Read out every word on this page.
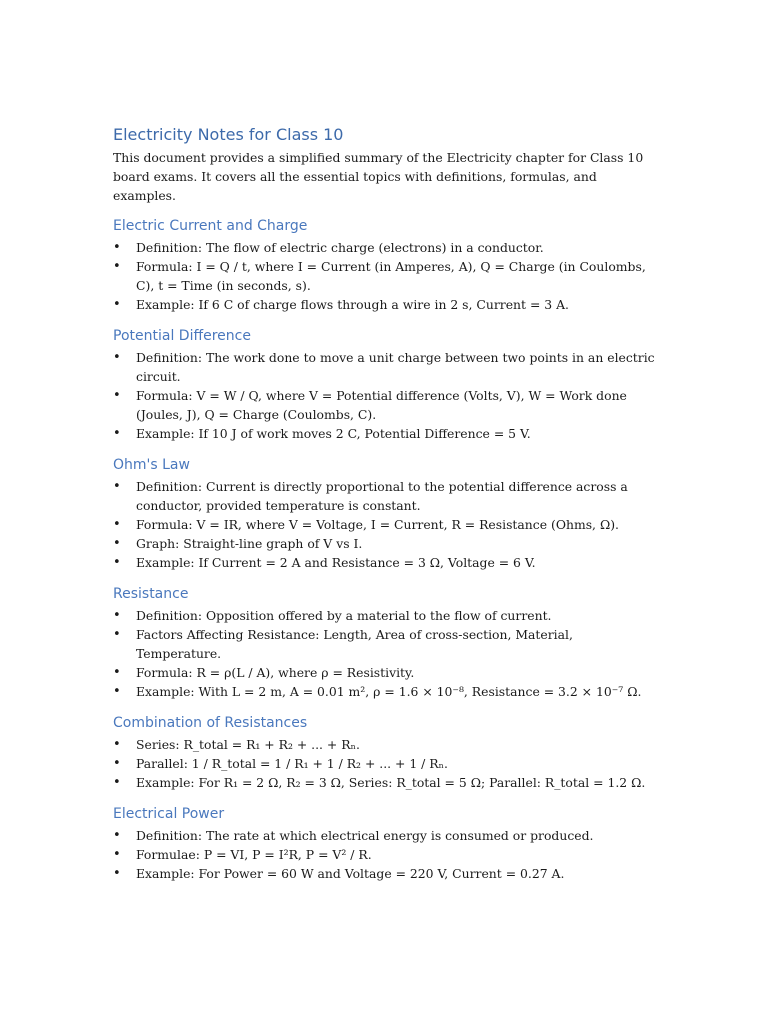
Electricity Notes for Class 10

This document provides a simplified summary of the Electricity chapter for Class 10 board exams. It covers all the essential topics with definitions, formulas, and examples.

Electric Current and Charge
• Definition: The flow of electric charge (electrons) in a conductor.
• Formula: I = Q / t, where I = Current (in Amperes, A), Q = Charge (in Coulombs, C), t = Time (in seconds, s).
• Example: If 6 C of charge flows through a wire in 2 s, Current = 3 A.
Potential Difference
• Definition: The work done to move a unit charge between two points in an electric circuit.
• Formula: V = W / Q, where V = Potential difference (Volts, V), W = Work done (Joules, J), Q = Charge (Coulombs, C).
• Example: If 10 J of work moves 2 C, Potential Difference = 5 V.
Ohm's Law
• Definition: Current is directly proportional to the potential difference across a conductor, provided temperature is constant.
• Formula: V = IR, where V = Voltage, I = Current, R = Resistance (Ohms, Ω).
• Graph: Straight-line graph of V vs I.
• Example: If Current = 2 A and Resistance = 3 Ω, Voltage = 6 V.
Resistance
• Definition: Opposition offered by a material to the flow of current.
• Factors Affecting Resistance: Length, Area of cross-section, Material, Temperature.
• Formula: R = ρ(L / A), where ρ = Resistivity.
• Example: With L = 2 m, A = 0.01 m², ρ = 1.6 × 10⁻⁸, Resistance = 3.2 × 10⁻⁷ Ω.
Combination of Resistances
• Series: R_total = R₁ + R₂ + ... + Rₙ.
• Parallel: 1 / R_total = 1 / R₁ + 1 / R₂ + ... + 1 / Rₙ.
• Example: For R₁ = 2 Ω, R₂ = 3 Ω, Series: R_total = 5 Ω; Parallel: R_total = 1.2 Ω.
Electrical Power
• Definition: The rate at which electrical energy is consumed or produced.
• Formulae: P = VI, P = I²R, P = V² / R.
• Example: For Power = 60 W and Voltage = 220 V, Current = 0.27 A.
